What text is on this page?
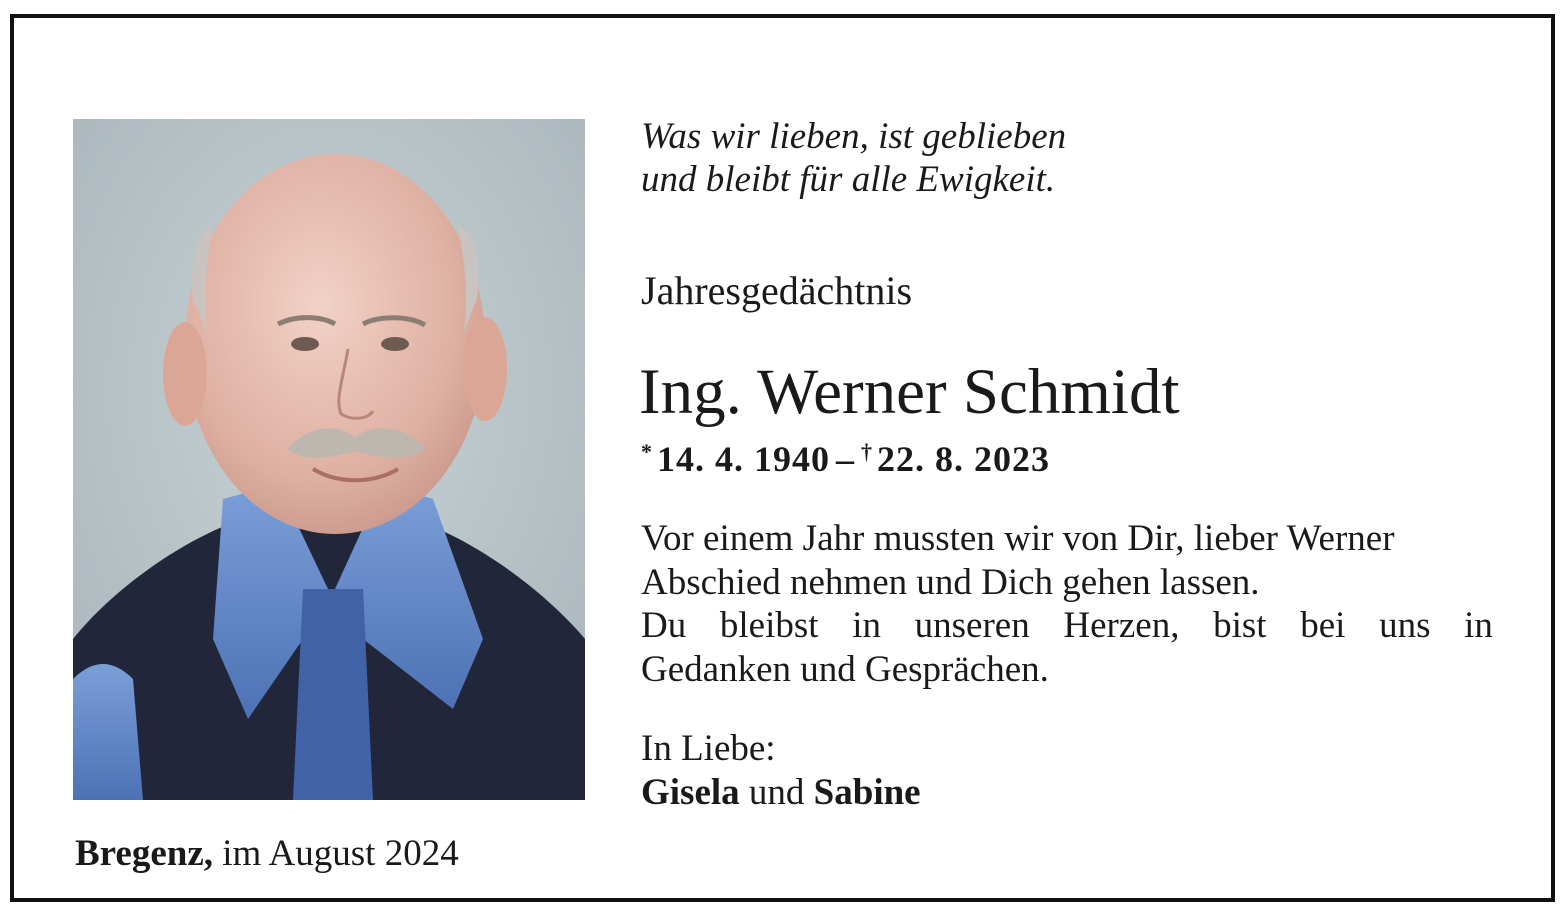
Bregenz, im August 2024
Was wir lieben, ist geblieben
und bleibt für alle Ewigkeit.
Jahresgedächtnis
Ing. Werner Schmidt
* 14. 4. 1940 – † 22. 8. 2023
Vor einem Jahr mussten wir von Dir, lieber Werner
Abschied nehmen und Dich gehen lassen.
Du bleibst in unseren Herzen, bist bei uns in
Gedanken und Gesprächen.
In Liebe:
Gisela und Sabine
